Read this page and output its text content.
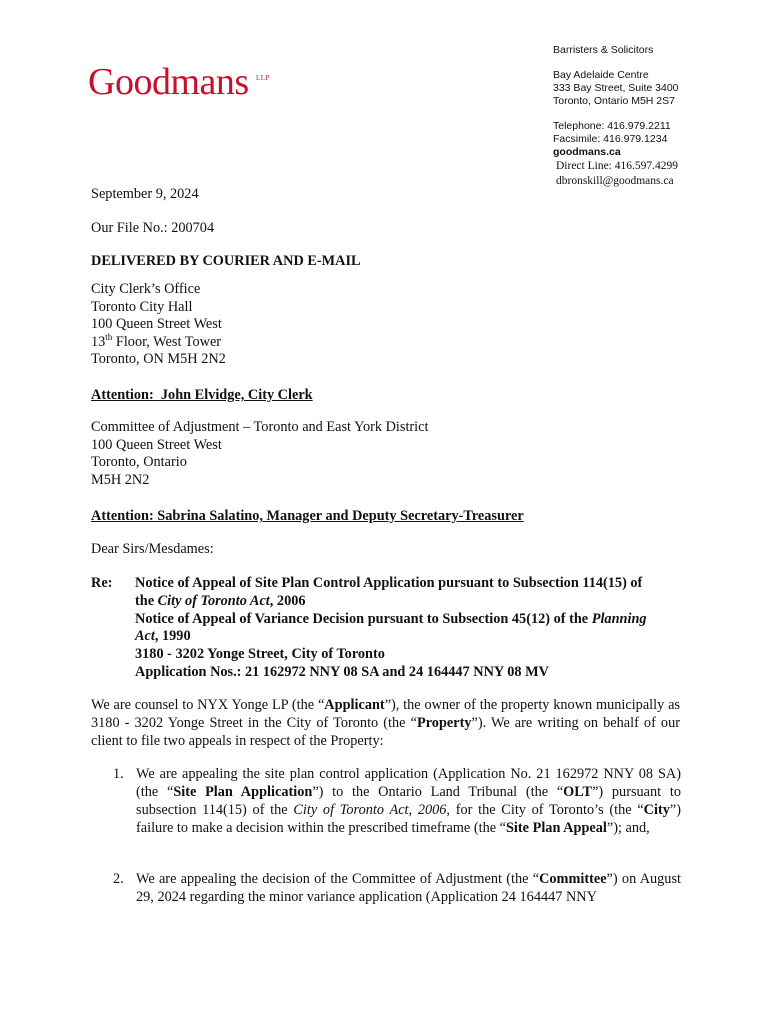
Goodmans LLP
Barristers & Solicitors
Bay Adelaide Centre
333 Bay Street, Suite 3400
Toronto, Ontario M5H 2S7
Telephone: 416.979.2211
Facsimile: 416.979.1234
goodmans.ca
Direct Line: 416.597.4299
dbronskill@goodmans.ca
September 9, 2024
Our File No.: 200704
DELIVERED BY COURIER AND E-MAIL
City Clerk’s Office
Toronto City Hall
100 Queen Street West
13th Floor, West Tower
Toronto, ON M5H 2N2
Attention: John Elvidge, City Clerk
Committee of Adjustment – Toronto and East York District
100 Queen Street West
Toronto, Ontario
M5H 2N2
Attention: Sabrina Salatino, Manager and Deputy Secretary-Treasurer
Dear Sirs/Mesdames:
Re: Notice of Appeal of Site Plan Control Application pursuant to Subsection 114(15) of
the City of Toronto Act, 2006
Notice of Appeal of Variance Decision pursuant to Subsection 45(12) of the Planning
Act, 1990
3180 - 3202 Yonge Street, City of Toronto
Application Nos.: 21 162972 NNY 08 SA and 24 164447 NNY 08 MV
We are counsel to NYX Yonge LP (the “Applicant”), the owner of the property known municipally as 3180 - 3202 Yonge Street in the City of Toronto (the “Property”). We are writing on behalf of our client to file two appeals in respect of the Property:
1. We are appealing the site plan control application (Application No. 21 162972 NNY 08 SA) (the “Site Plan Application”) to the Ontario Land Tribunal (the “OLT”) pursuant to subsection 114(15) of the City of Toronto Act, 2006, for the City of Toronto’s (the “City”) failure to make a decision within the prescribed timeframe (the “Site Plan Appeal”); and,
2. We are appealing the decision of the Committee of Adjustment (the “Committee”) on August 29, 2024 regarding the minor variance application (Application 24 164447 NNY
